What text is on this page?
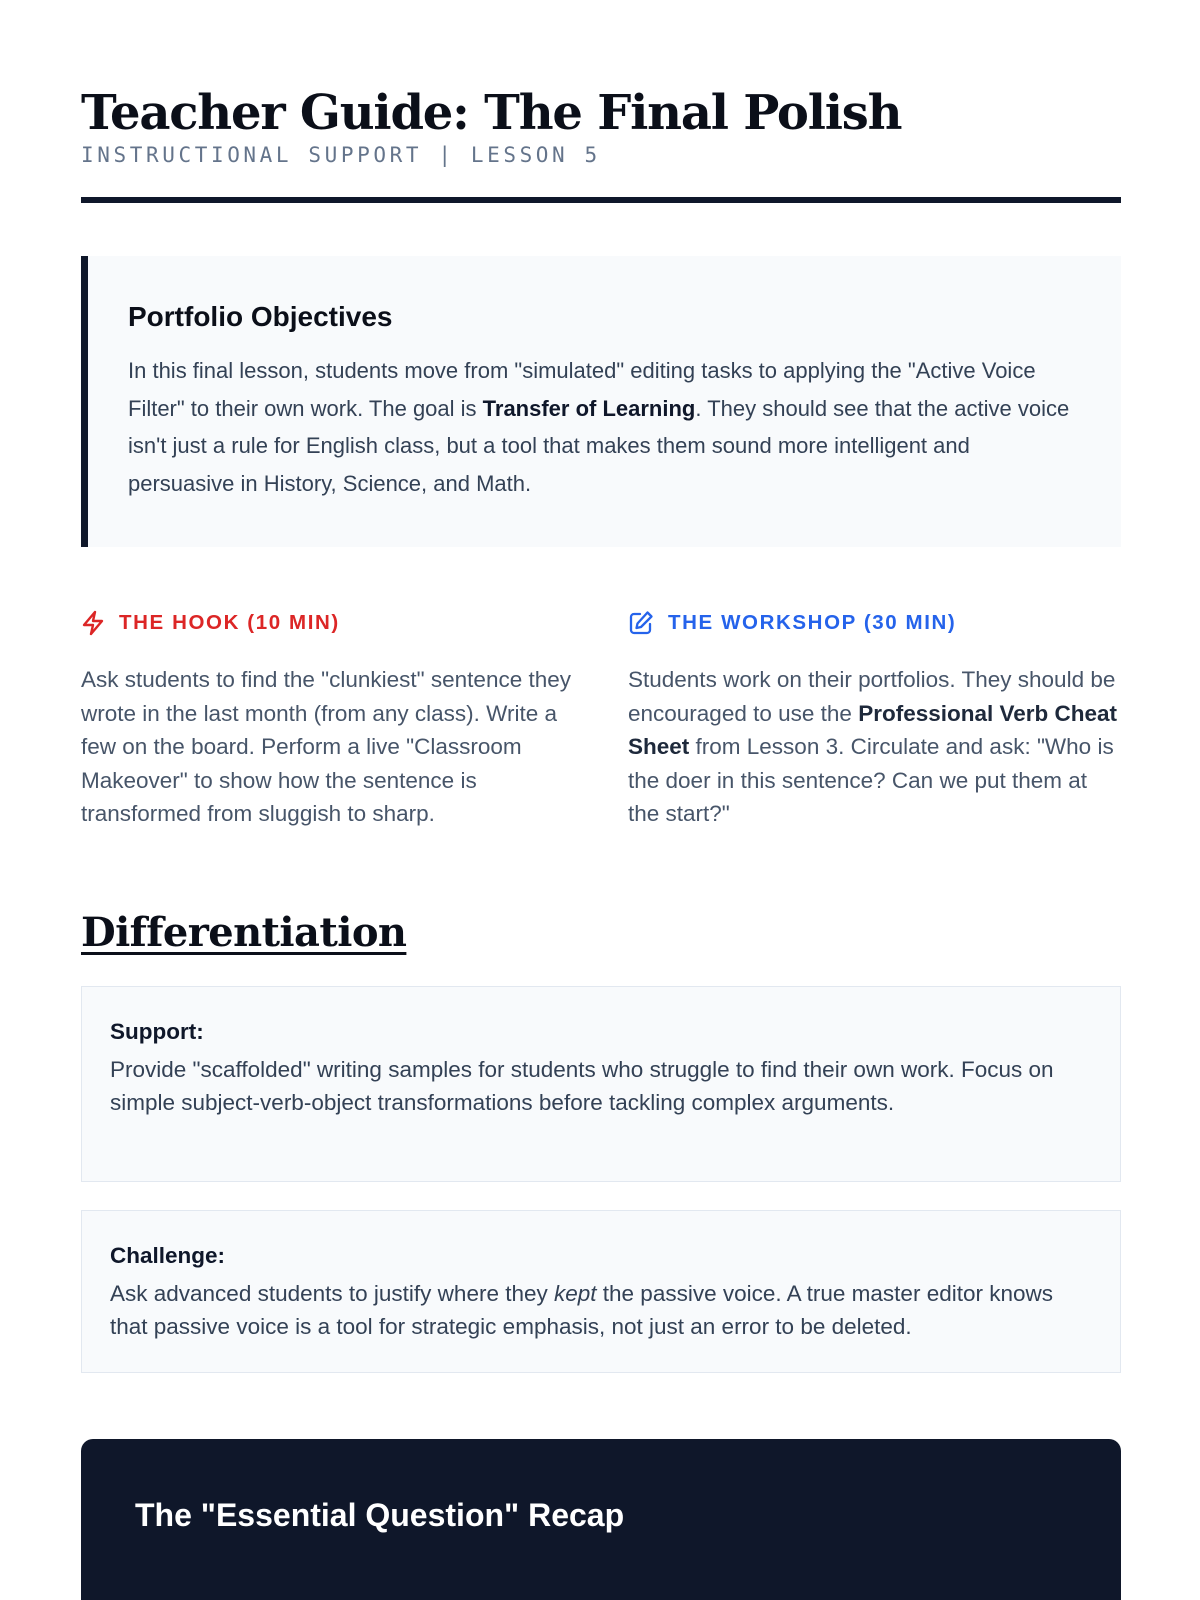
Teacher Guide: The Final Polish
INSTRUCTIONAL SUPPORT | LESSON 5
Portfolio Objectives

In this final lesson, students move from "simulated" editing tasks to applying the "Active Voice Filter" to their own work. The goal is Transfer of Learning. They should see that the active voice isn't just a rule for English class, but a tool that makes them sound more intelligent and persuasive in History, Science, and Math.

THE HOOK (10 MIN)

Ask students to find the "clunkiest" sentence they wrote in the last month (from any class). Write a few on the board. Perform a live "Classroom Makeover" to show how the sentence is transformed from sluggish to sharp.

THE WORKSHOP (30 MIN)

Students work on their portfolios. They should be encouraged to use the Professional Verb Cheat Sheet from Lesson 3. Circulate and ask: "Who is the doer in this sentence? Can we put them at the start?"

Differentiation
Support:

Provide "scaffolded" writing samples for students who struggle to find their own work. Focus on simple subject-verb-object transformations before tackling complex arguments.

Challenge:

Ask advanced students to justify where they kept the passive voice. A true master editor knows that passive voice is a tool for strategic emphasis, not just an error to be deleted.

The "Essential Question" Recap
